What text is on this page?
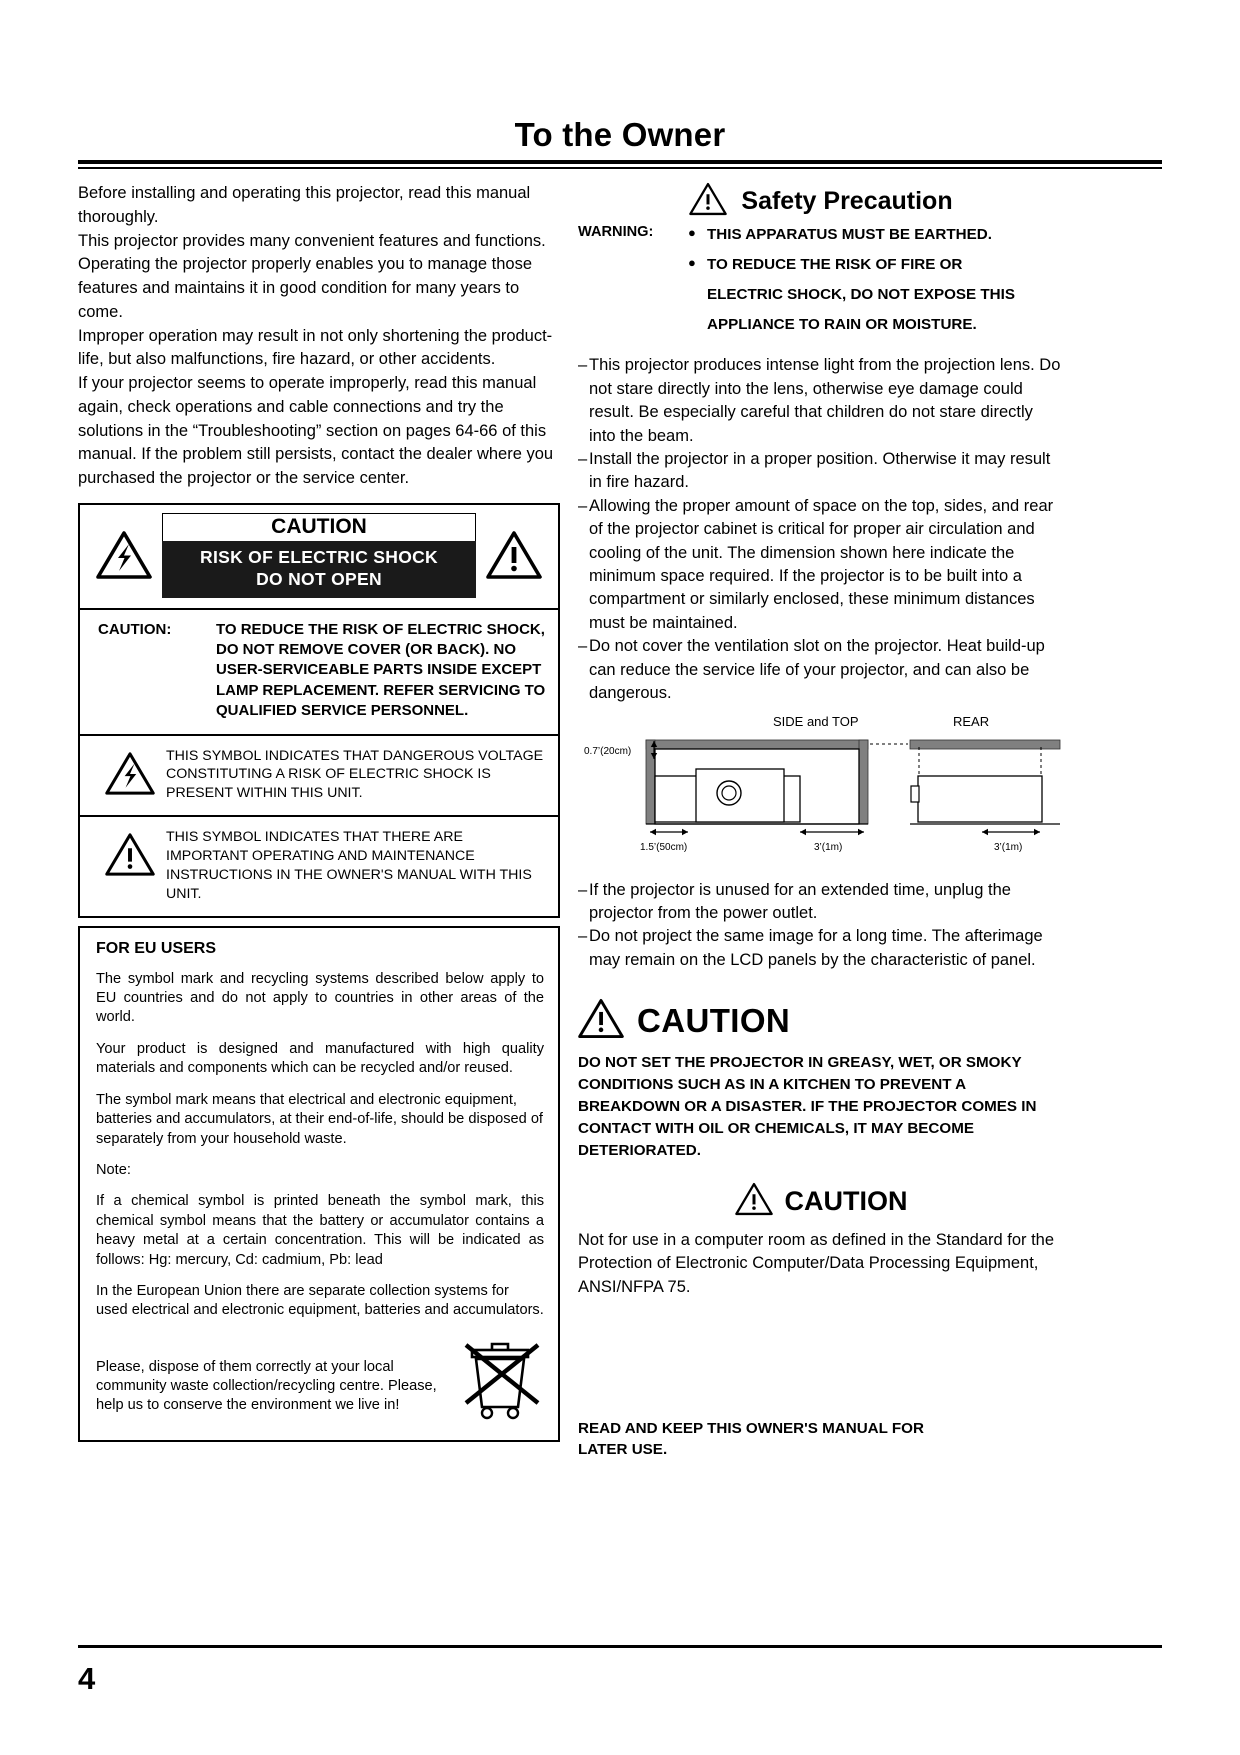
To the Owner

Before installing and operating this projector, read this manual thoroughly.

This projector provides many convenient features and functions. Operating the projector properly enables you to manage those features and maintains it in good condition for many years to come.

Improper operation may result in not only shortening the product-life, but also malfunctions, fire hazard, or other accidents.

If your projector seems to operate improperly, read this manual again, check operations and cable connections and try the solutions in the “Troubleshooting” section on pages 64-66 of this manual. If the problem still persists, contact the dealer where you purchased the projector or the service center.

CAUTION
RISK OF ELECTRIC SHOCK
DO NOT OPEN
CAUTION:	TO REDUCE THE RISK OF ELECTRIC SHOCK, DO NOT REMOVE COVER (OR BACK). NO USER-SERVICEABLE PARTS INSIDE EXCEPT LAMP REPLACEMENT. REFER SERVICING TO QUALIFIED SERVICE PERSONNEL.
THIS SYMBOL INDICATES THAT DANGEROUS VOLTAGE CONSTITUTING A RISK OF ELECTRIC SHOCK IS PRESENT WITHIN THIS UNIT.
THIS SYMBOL INDICATES THAT THERE ARE IMPORTANT OPERATING AND MAINTENANCE INSTRUCTIONS IN THE OWNER'S MANUAL WITH THIS UNIT.
FOR EU USERS

The symbol mark and recycling systems described below apply to EU countries and do not apply to countries in other areas of the world.

Your product is designed and manufactured with high quality materials and components which can be recycled and/or reused.

The symbol mark means that electrical and electronic equipment, batteries and accumulators, at their end-of-life, should be disposed of separately from your household waste.

Note:

If a chemical symbol is printed beneath the symbol mark, this chemical symbol means that the battery or accumulator contains a heavy metal at a certain concentration. This will be indicated as follows: Hg: mercury, Cd: cadmium, Pb: lead

In the European Union there are separate collection systems for used electrical and electronic equipment, batteries and accumulators.

Please, dispose of them correctly at your local community waste collection/recycling centre. Please, help us to conserve the environment we live in!

Safety Precaution
WARNING:	● THIS APPARATUS MUST BE EARTHED.
● TO REDUCE THE RISK OF FIRE OR
ELECTRIC SHOCK, DO NOT EXPOSE THIS
APPLIANCE TO RAIN OR MOISTURE.
– This projector produces intense light from the projection lens. Do not stare directly into the lens, otherwise eye damage could result. Be especially careful that children do not stare directly into the beam.
– Install the projector in a proper position. Otherwise it may result in fire hazard.
– Allowing the proper amount of space on the top, sides, and rear of the projector cabinet is critical for proper air circulation and cooling of the unit. The dimension shown here indicate the minimum space required. If the projector is to be built into a compartment or similarly enclosed, these minimum distances must be maintained.
– Do not cover the ventilation slot on the projector. Heat build-up can reduce the service life of your projector, and can also be dangerous.
SIDE and TOP	REAR
0.7’(20cm)
1.5’(50cm)	3’(1m)	3’(1m)
– If the projector is unused for an extended time, unplug the projector from the power outlet.
– Do not project the same image for a long time. The afterimage may remain on the LCD panels by the characteristic of panel.
CAUTION
DO NOT SET THE PROJECTOR IN GREASY, WET, OR SMOKY CONDITIONS SUCH AS IN A KITCHEN TO PREVENT A BREAKDOWN OR A DISASTER. IF THE PROJECTOR COMES IN CONTACT WITH OIL OR CHEMICALS, IT MAY BECOME DETERIORATED.
CAUTION
Not for use in a computer room as defined in the Standard for the Protection of Electronic Computer/Data Processing Equipment, ANSI/NFPA 75.
READ AND KEEP THIS OWNER'S MANUAL FOR
LATER USE.
4
